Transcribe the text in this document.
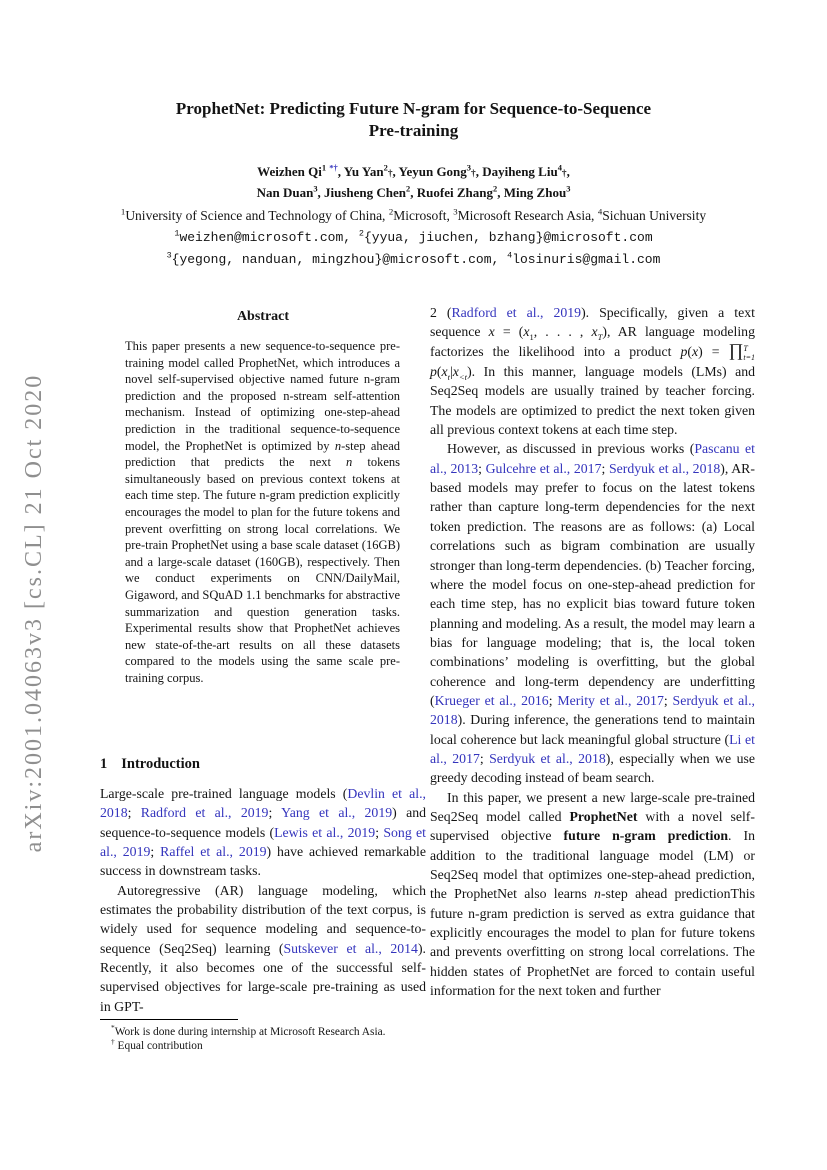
arXiv:2001.04063v3 [cs.CL] 21 Oct 2020
ProphetNet: Predicting Future N-gram for Sequence-to-Sequence
Pre-training
Weizhen Qi$^1$ *†, Yu Yan$^2$†, Yeyun Gong$^3$†, Dayiheng Liu$^4$†,
Nan Duan$^3$, Jiusheng Chen$^2$, Ruofei Zhang$^2$, Ming Zhou$^3$
$^1$University of Science and Technology of China, $^2$Microsoft, $^3$Microsoft Research Asia, $^4$Sichuan University
$^1$weizhen@microsoft.com, $^2${yyua, jiuchen, bzhang}@microsoft.com
$^3${yegong, nanduan, mingzhou}@microsoft.com, $^4$losinuris@gmail.com
Abstract
This paper presents a new sequence-to-sequence pre-training model called ProphetNet, which introduces a novel self-supervised objective named future n-gram prediction and the proposed n-stream self-attention mechanism. Instead of optimizing one-step-ahead prediction in the traditional sequence-to-sequence model, the ProphetNet is optimized by n-step ahead prediction that predicts the next n tokens simultaneously based on previous context tokens at each time step. The future n-gram prediction explicitly encourages the model to plan for the future tokens and prevent overfitting on strong local correlations. We pre-train ProphetNet using a base scale dataset (16GB) and a large-scale dataset (160GB), respectively. Then we conduct experiments on CNN/DailyMail, Gigaword, and SQuAD 1.1 benchmarks for abstractive summarization and question generation tasks. Experimental results show that ProphetNet achieves new state-of-the-art results on all these datasets compared to the models using the same scale pre-training corpus.
1 Introduction

Large-scale pre-trained language models (Devlin et al., 2018; Radford et al., 2019; Yang et al., 2019) and sequence-to-sequence models (Lewis et al., 2019; Song et al., 2019; Raffel et al., 2019) have achieved remarkable success in downstream tasks.

Autoregressive (AR) language modeling, which estimates the probability distribution of the text corpus, is widely used for sequence modeling and sequence-to-sequence (Seq2Seq) learning (Sutskever et al., 2014). Recently, it also becomes one of the successful self-supervised objectives for large-scale pre-training as used in GPT-

2 (Radford et al., 2019). Specifically, given a text sequence $x = (x_1$, . . . , $x_T$), AR language modeling factorizes the likelihood into a product p(x) = ∏ T
t=1
$p(x_t|x_{<t})$. In this manner, language models (LMs) and Seq2Seq models are usually trained by teacher forcing. The models are optimized to predict the next token given all previous context tokens at each time step.

However, as discussed in previous works (Pascanu et al., 2013; Gulcehre et al., 2017; Serdyuk et al., 2018), AR-based models may prefer to focus on the latest tokens rather than capture long-term dependencies for the next token prediction. The reasons are as follows: (a) Local correlations such as bigram combination are usually stronger than long-term dependencies. (b) Teacher forcing, where the model focus on one-step-ahead prediction for each time step, has no explicit bias toward future token planning and modeling. As a result, the model may learn a bias for language modeling; that is, the local token combinations’ modeling is overfitting, but the global coherence and long-term dependency are underfitting (Krueger et al., 2016; Merity et al., 2017; Serdyuk et al., 2018). During inference, the generations tend to maintain local coherence but lack meaningful global structure (Li et al., 2017; Serdyuk et al., 2018), especially when we use greedy decoding instead of beam search.

In this paper, we present a new large-scale pre-trained Seq2Seq model called ProphetNet with a novel self-supervised objective future n-gram prediction. In addition to the traditional language model (LM) or Seq2Seq model that optimizes one-step-ahead prediction, the ProphetNet also learns n-step ahead predictionThis future n-gram prediction is served as extra guidance that explicitly encourages the model to plan for future tokens and prevents overfitting on strong local correlations. The hidden states of ProphetNet are forced to contain useful information for the next token and further

*Work is done during internship at Microsoft Research Asia.
† Equal contribution
